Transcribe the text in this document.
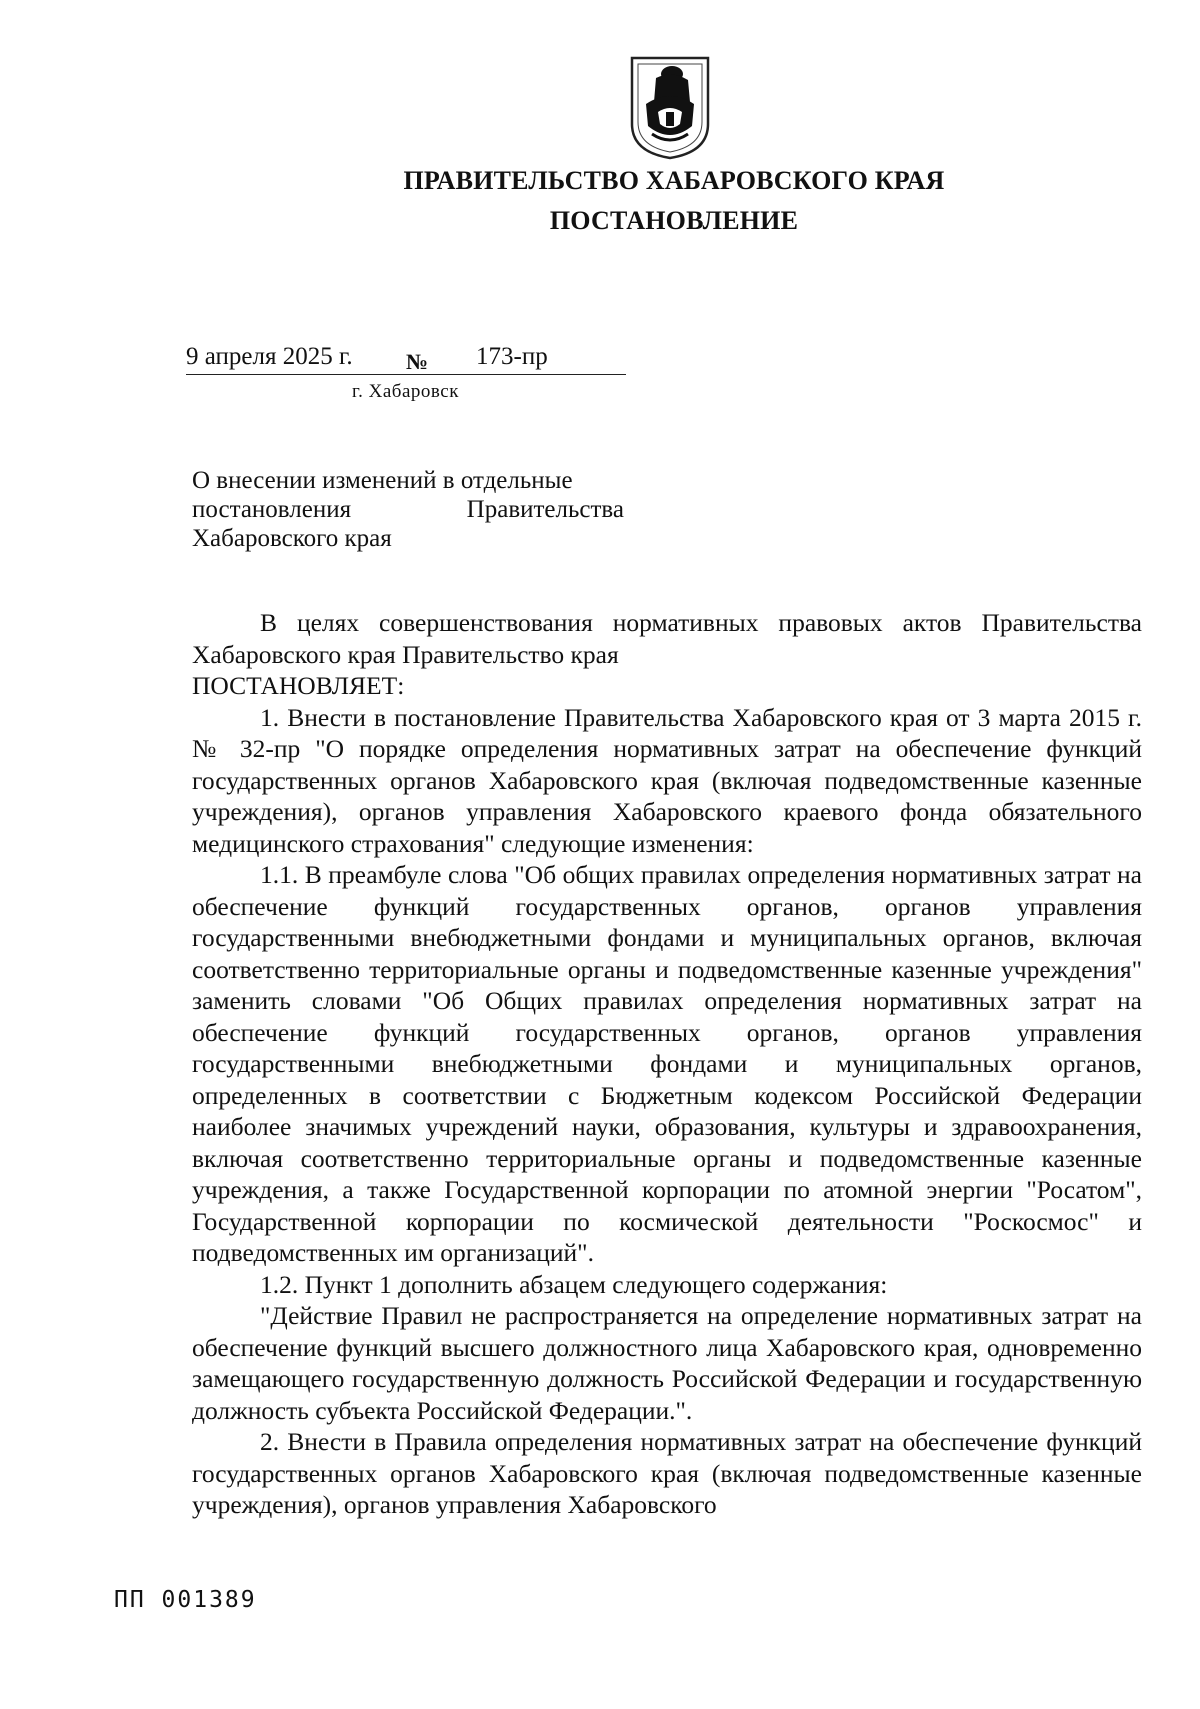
ПРАВИТЕЛЬСТВО ХАБАРОВСКОГО КРАЯ
ПОСТАНОВЛЕНИЕ
9 апреля 2025 г. № 173-пр
г. Хабаровск
О внесении изменений в отдельные
постановления Правительства
Хабаровского края

В целях совершенствования нормативных правовых актов Правительства Хабаровского края Правительство края

ПОСТАНОВЛЯЕТ:

1. Внести в постановление Правительства Хабаровского края от 3 марта 2015 г. № 32-пр "О порядке определения нормативных затрат на обеспечение функций государственных органов Хабаровского края (включая подведомственные казенные учреждения), органов управления Хабаровского краевого фонда обязательного медицинского страхования" следующие изменения:

1.1. В преамбуле слова "Об общих правилах определения нормативных затрат на обеспечение функций государственных органов, органов управления государственными внебюджетными фондами и муниципальных органов, включая соответственно территориальные органы и подведомственные казенные учреждения" заменить словами "Об Общих правилах определения нормативных затрат на обеспечение функций государственных органов, органов управления государственными внебюджетными фондами и муниципальных органов, определенных в соответствии с Бюджетным кодексом Российской Федерации наиболее значимых учреждений науки, образования, культуры и здравоохранения, включая соответственно территориальные органы и подведомственные казенные учреждения, а также Государственной корпорации по атомной энергии "Росатом", Государственной корпорации по космической деятельности "Роскосмос" и подведомственных им организаций".

1.2. Пункт 1 дополнить абзацем следующего содержания:

"Действие Правил не распространяется на определение нормативных затрат на обеспечение функций высшего должностного лица Хабаровского края, одновременно замещающего государственную должность Российской Федерации и государственную должность субъекта Российской Федерации.".

2. Внести в Правила определения нормативных затрат на обеспечение функций государственных органов Хабаровского края (включая подведомственные казенные учреждения), органов управления Хабаровского

ПП 001389
